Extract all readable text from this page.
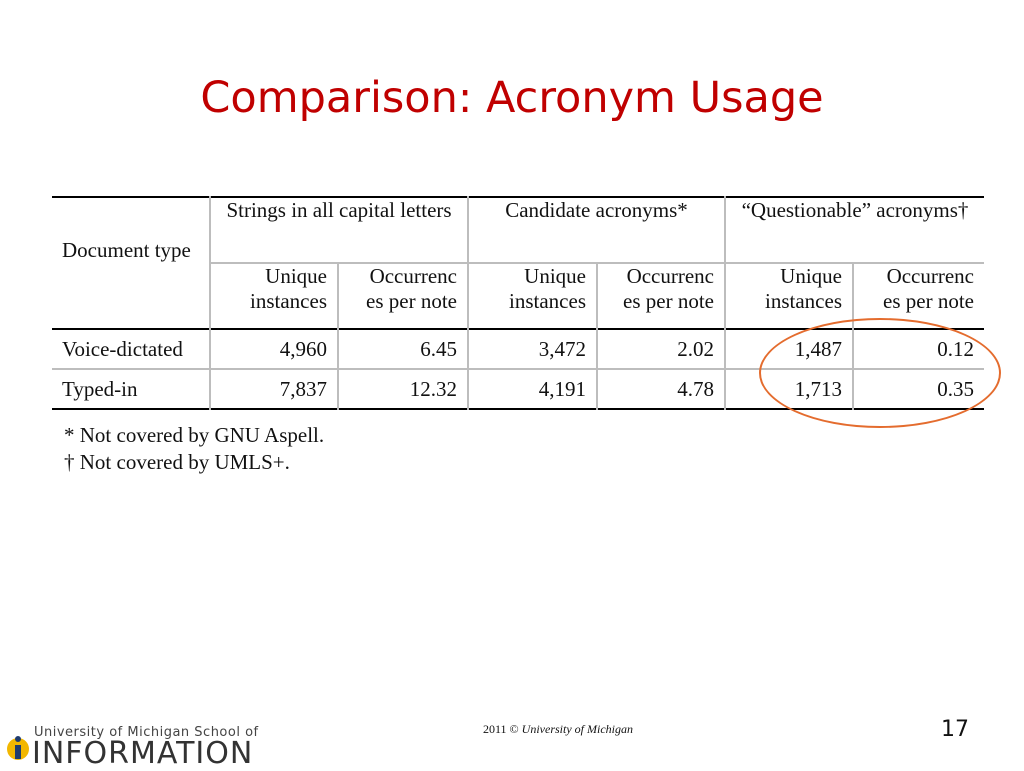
Comparison: Acronym Usage
Document type	Strings in all capital letters		Candidate acronyms*		“Questionable” acronyms†	
	Unique instances	Occurrenc es per note	Unique instances	Occurrenc es per note	Unique instances	Occurrenc es per note
Voice-dictated	4,960	6.45	3,472	2.02	1,487	0.12
Typed-in	7,837	12.32	4,191	4.78	1,713	0.35
* Not covered by GNU Aspell.
† Not covered by UMLS+.
University of Michigan School of
INFORMATION
2011 © University of Michigan	17
